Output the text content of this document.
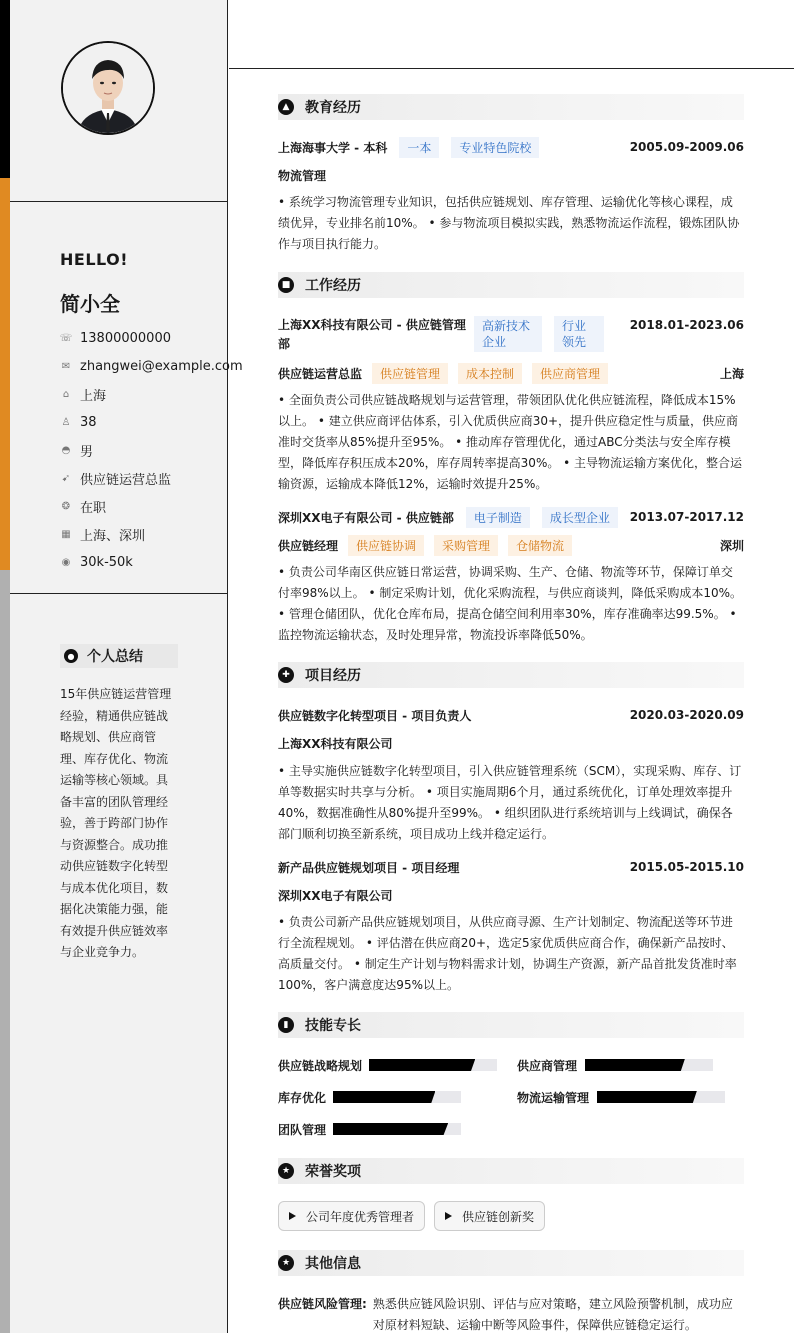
HELLO!
简小全
☏ 13800000000
✉ zhangwei@example.com
⌂ 上海
♙ 38
◓ 男
➹ 供应链运营总监
❂ 在职
▦ 上海、深圳
◉ 30k-50k
● 个人总结
15年供应链运营管理经验，精通供应链战略规划、供应商管理、库存优化、物流运输等核心领域。具备丰富的团队管理经验，善于跨部门协作与资源整合。成功推动供应链数字化转型与成本优化项目，数据化决策能力强，能有效提升供应链效率与企业竞争力。
▲	教育经历
上海海事大学 - 本科	一本	专业特色院校	2005.09-2009.06
物流管理
• 系统学习物流管理专业知识，包括供应链规划、库存管理、运输优化等核心课程，成绩优异，专业排名前10%。 • 参与物流项目模拟实践，熟悉物流运作流程，锻炼团队协作与项目执行能力。
■ 工作经历
上海XX科技有限公司 - 供应链管理部
高新技术企业
行业领先
2018.01-2023.06
供应链运营总监	供应链管理	成本控制	供应商管理	上海
• 全面负责公司供应链战略规划与运营管理，带领团队优化供应链流程，降低成本15%以上。 • 建立供应商评估体系，引入优质供应商30+，提升供应稳定性与质量，供应商准时交货率从85%提升至95%。 • 推动库存管理优化，通过ABC分类法与安全库存模型，降低库存积压成本20%，库存周转率提高30%。 • 主导物流运输方案优化，整合运输资源，运输成本降低12%，运输时效提升25%。
深圳XX电子有限公司 - 供应链部	电子制造	成长型企业	2013.07-2017.12
供应链经理	供应链协调	采购管理	仓储物流	深圳
• 负责公司华南区供应链日常运营，协调采购、生产、仓储、物流等环节，保障订单交付率98%以上。 • 制定采购计划，优化采购流程，与供应商谈判，降低采购成本10%。 • 管理仓储团队，优化仓库布局，提高仓储空间利用率30%，库存准确率达99.5%。 • 监控物流运输状态，及时处理异常，物流投诉率降低50%。
✚	项目经历
供应链数字化转型项目 - 项目负责人	2020.03-2020.09
上海XX科技有限公司
• 主导实施供应链数字化转型项目，引入供应链管理系统（SCM），实现采购、库存、订单等数据实时共享与分析。 • 项目实施周期6个月，通过系统优化，订单处理效率提升40%，数据准确性从80%提升至99%。 • 组织团队进行系统培训与上线调试，确保各部门顺利切换至新系统，项目成功上线并稳定运行。
新产品供应链规划项目 - 项目经理	2015.05-2015.10
深圳XX电子有限公司
• 负责公司新产品供应链规划项目，从供应商寻源、生产计划制定、物流配送等环节进行全流程规划。 • 评估潜在供应商20+，选定5家优质供应商合作，确保新产品按时、高质量交付。 • 制定生产计划与物料需求计划，协调生产资源，新产品首批发货准时率100%，客户满意度达95%以上。
▮	技能专长
供应链战略规划	供应商管理
库存优化	物流运输管理
团队管理
★ 荣誉奖项
公司年度优秀管理者	供应链创新奖
★ 其他信息
供应链风险管理: 熟悉供应链风险识别、评估与应对策略，建立风险预警机制，成功应对原材料短缺、运输中断等风险事件，保障供应链稳定运行。
